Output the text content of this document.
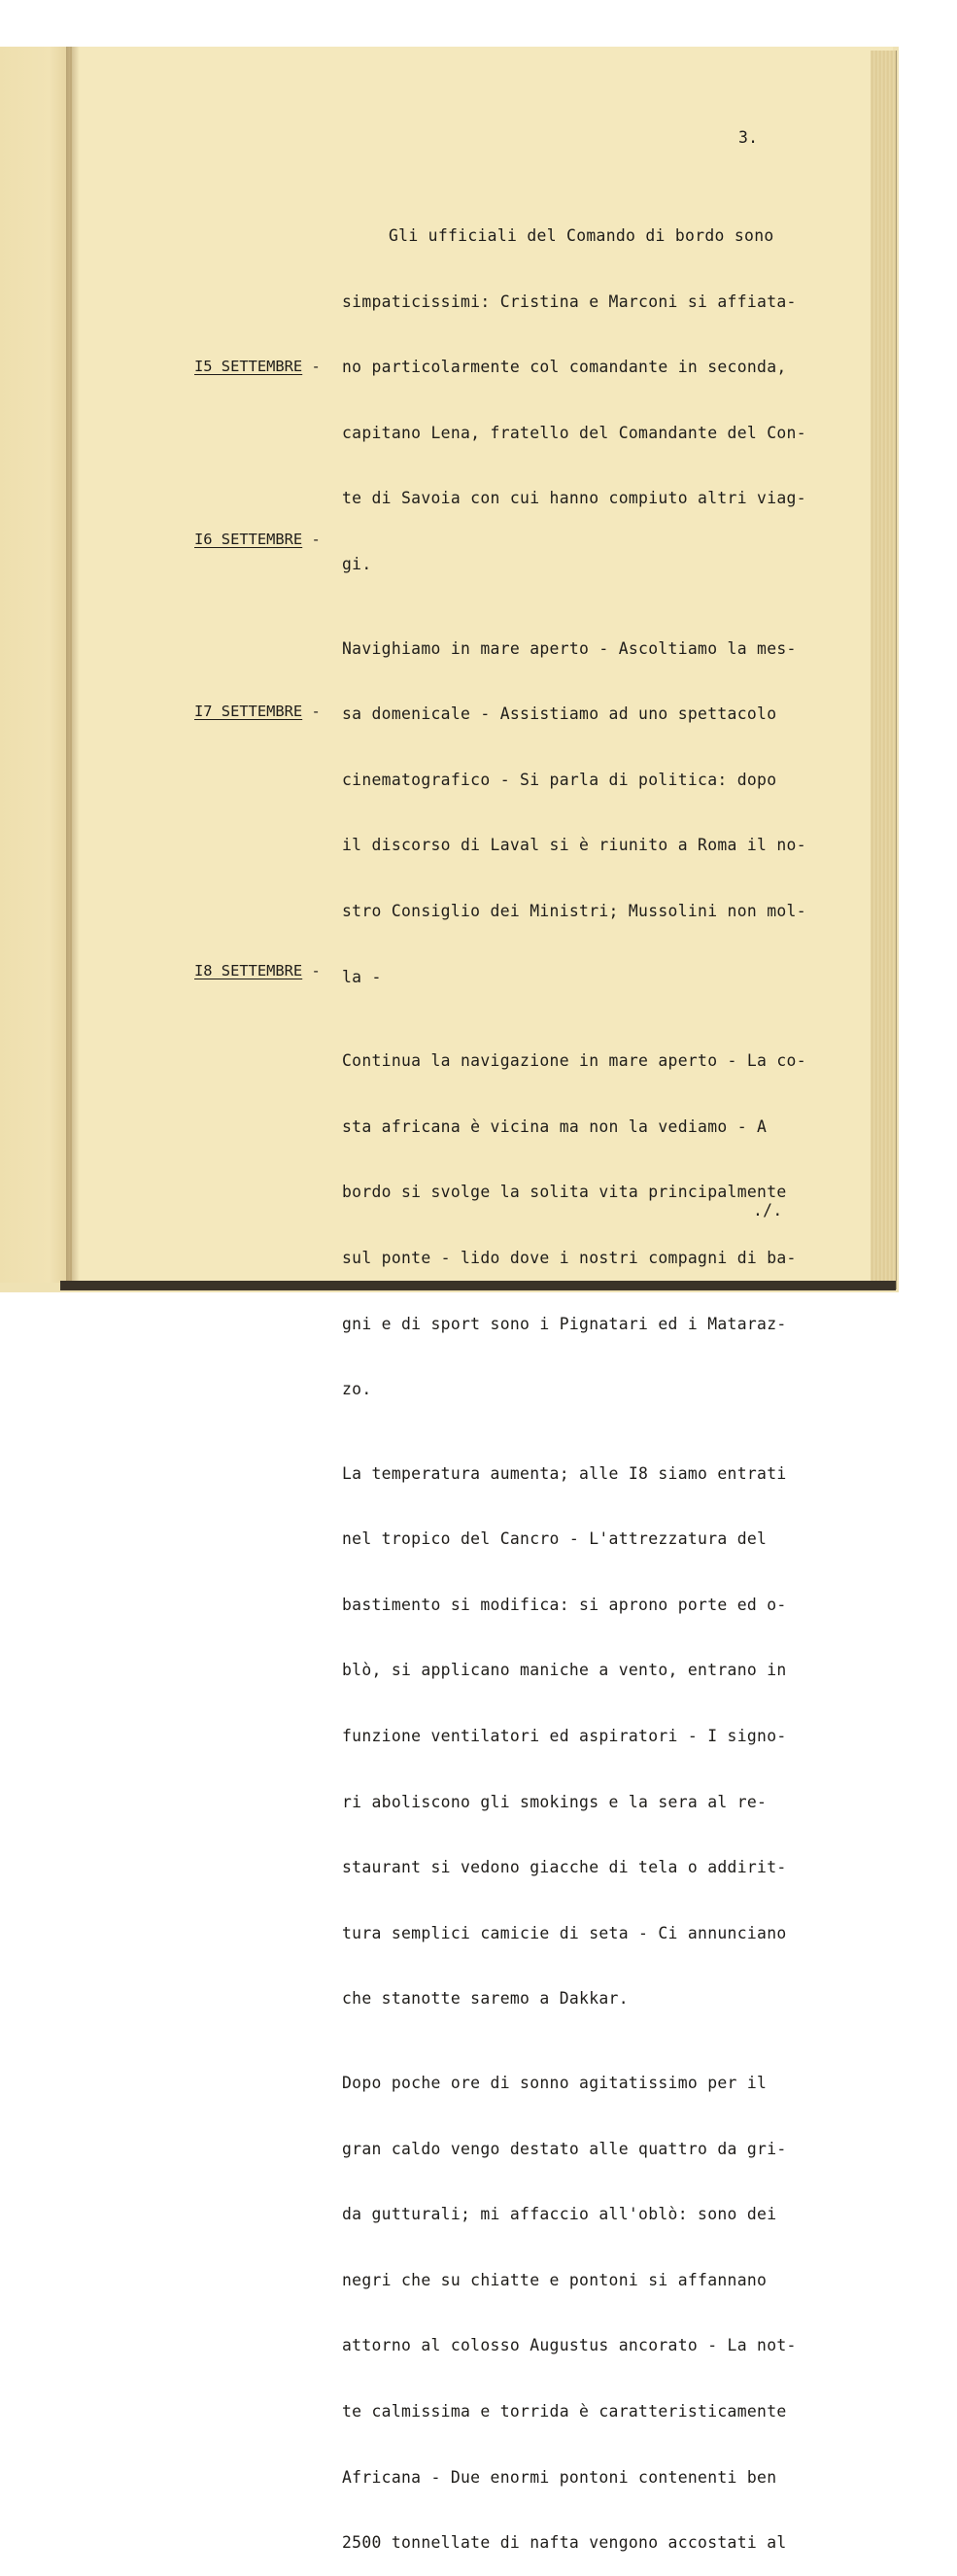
3.

Gli ufficiali del Comando di bordo sono

simpaticissimi: Cristina e Marconi si affiata-

no particolarmente col comandante in seconda,

capitano Lena, fratello del Comandante del Con-

te di Savoia con cui hanno compiuto altri viag-

gi.

Navighiamo in mare aperto - Ascoltiamo la mes-

sa domenicale - Assistiamo ad uno spettacolo

cinematografico - Si parla di politica: dopo

il discorso di Laval si è riunito a Roma il no-

stro Consiglio dei Ministri; Mussolini non mol-

la -

Continua la navigazione in mare aperto - La co-

sta africana è vicina ma non la vediamo - A

bordo si svolge la solita vita principalmente

sul ponte - lido dove i nostri compagni di ba-

gni e di sport sono i Pignatari ed i Mataraz-

zo.

La temperatura aumenta; alle I8 siamo entrati

nel tropico del Cancro - L'attrezzatura del

bastimento si modifica: si aprono porte ed o-

blò, si applicano maniche a vento, entrano in

funzione ventilatori ed aspiratori - I signo-

ri aboliscono gli smokings e la sera al re-

staurant si vedono giacche di tela o addirit-

tura semplici camicie di seta - Ci annunciano

che stanotte saremo a Dakkar.

Dopo poche ore di sonno agitatissimo per il

gran caldo vengo destato alle quattro da gri-

da gutturali; mi affaccio all'oblò: sono dei

negri che su chiatte e pontoni si affannano

attorno al colosso Augustus ancorato - La not-

te calmissima e torrida è caratteristicamente

Africana - Due enormi pontoni contenenti ben

2500 tonnellate di nafta vengono accostati al

I5 SETTEMBRE -
I6 SETTEMBRE -
I7 SETTEMBRE -
I8 SETTEMBRE -
./.
